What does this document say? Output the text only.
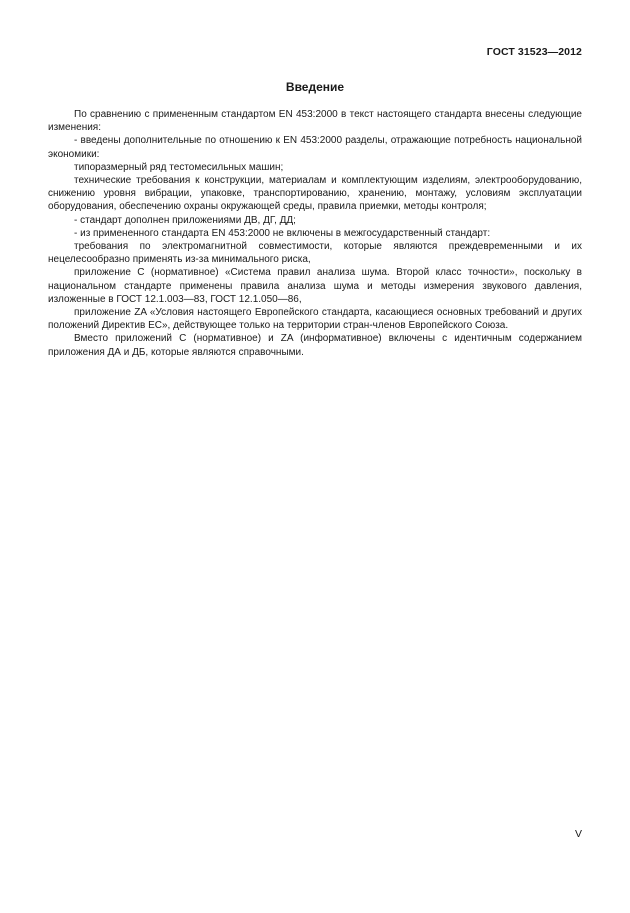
ГОСТ 31523—2012
Введение

По сравнению с примененным стандартом EN 453:2000 в текст настоящего стандарта внесены следующие изменения:

- введены дополнительные по отношению к EN 453:2000 разделы, отражающие потребность национальной экономики:

типоразмерный ряд тестомесильных машин;

технические требования к конструкции, материалам и комплектующим изделиям, электрооборудованию, снижению уровня вибрации, упаковке, транспортированию, хранению, монтажу, условиям эксплуатации оборудования, обеспечению охраны окружающей среды, правила приемки, методы контроля;

- стандарт дополнен приложениями ДВ, ДГ, ДД;

- из примененного стандарта EN 453:2000 не включены в межгосударственный стандарт:

требования по электромагнитной совместимости, которые являются преждевременными и их нецелесообразно применять из-за минимального риска,

приложение С (нормативное) «Система правил анализа шума. Второй класс точности», поскольку в национальном стандарте применены правила анализа шума и методы измерения звукового давления, изложенные в ГОСТ 12.1.003—83, ГОСТ 12.1.050—86,

приложение ZA «Условия настоящего Европейского стандарта, касающиеся основных требований и других положений Директив ЕС», действующее только на территории стран-членов Европейского Союза.

Вместо приложений С (нормативное) и ZA (информативное) включены с идентичным содержанием приложения ДА и ДБ, которые являются справочными.

V
